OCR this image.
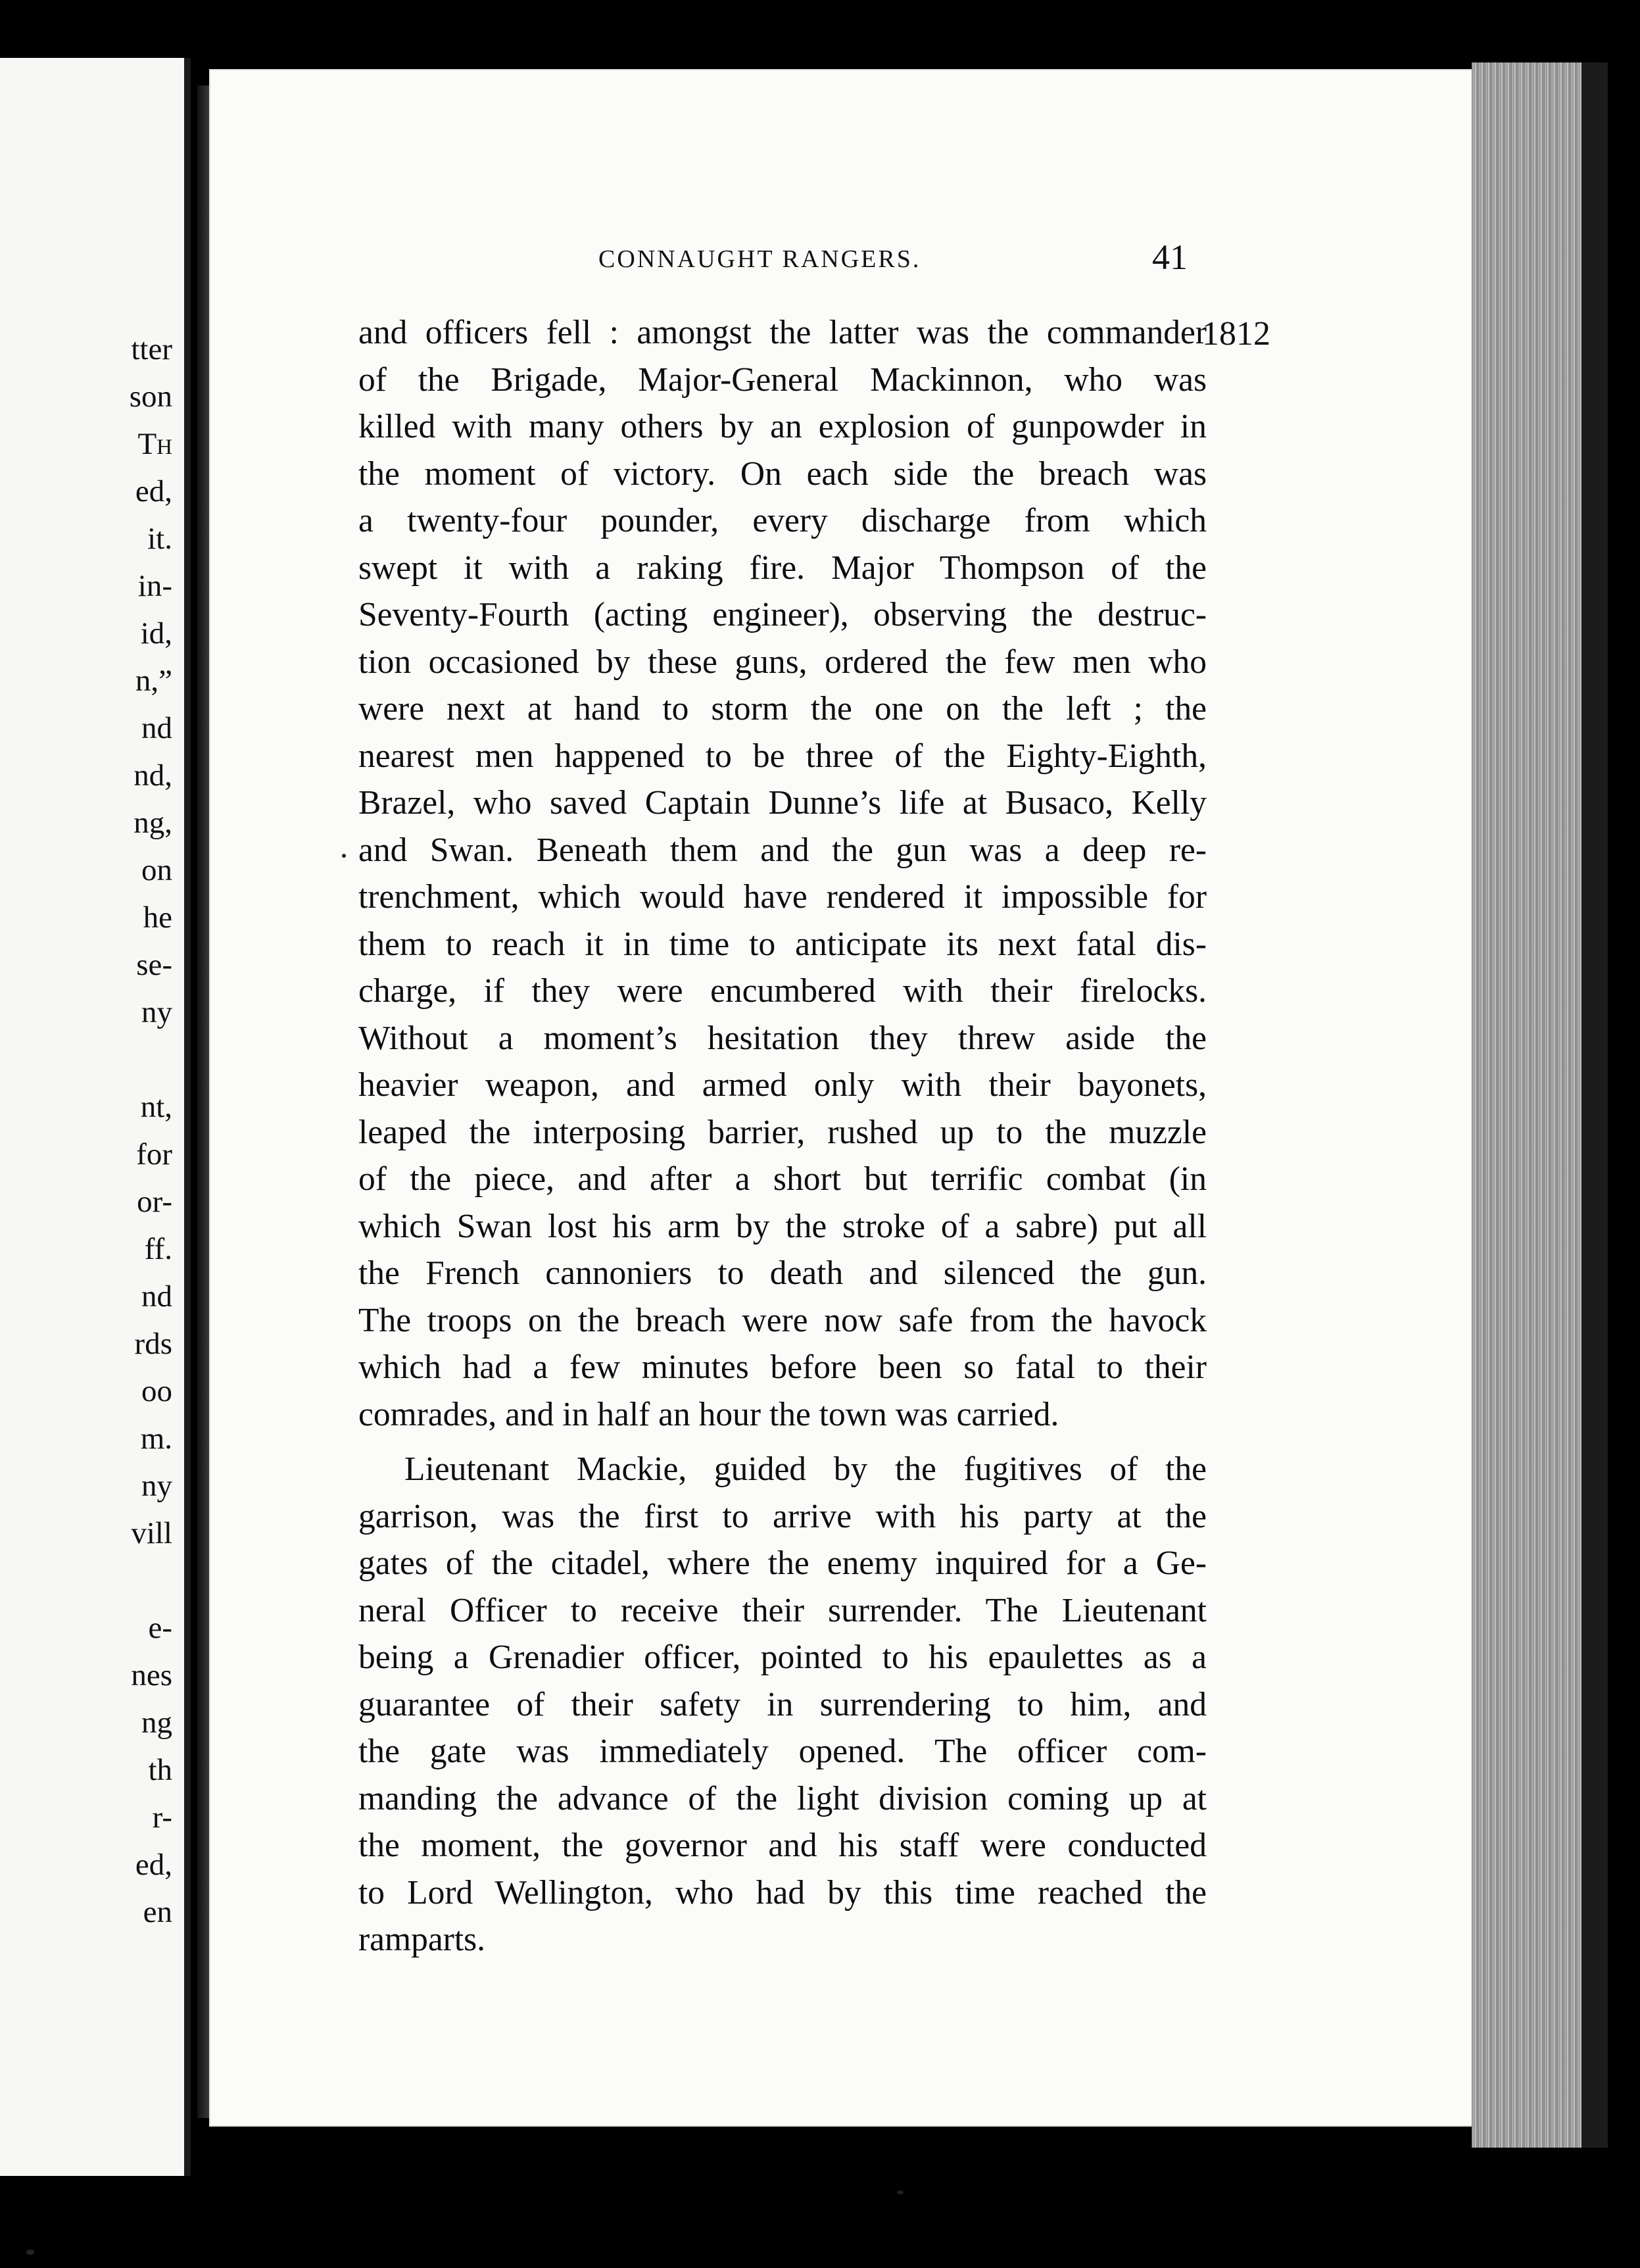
tter

son

Th

ed,

it.

in-

id,

n,”

nd

nd,

ng,

on

he

se-

ny

nt,

for

or-

ff.

nd

rds

oo

m.

ny

vill

e-

nes

ng

th

r-

ed,

en

CONNAUGHT RANGERS.	41

1812

and officers fell : amongst the latter was the commander
of the Brigade, Major-General Mackinnon, who was
killed with many others by an explosion of gunpowder in
the moment of victory. On each side the breach was
a twenty-four pounder, every discharge from which
swept it with a raking fire. Major Thompson of the
Seventy-Fourth (acting engineer), observing the destruc-
tion occasioned by these guns, ordered the few men who
were next at hand to storm the one on the left ; the
nearest men happened to be three of the Eighty-Eighth,
Brazel, who saved Captain Dunne’s life at Busaco, Kelly
and Swan. Beneath them and the gun was a deep re-
trenchment, which would have rendered it impossible for
them to reach it in time to anticipate its next fatal dis-
charge, if they were encumbered with their firelocks.
Without a moment’s hesitation they threw aside the
heavier weapon, and armed only with their bayonets,
leaped the interposing barrier, rushed up to the muzzle
of the piece, and after a short but terrific combat (in
which Swan lost his arm by the stroke of a sabre) put all
the French cannoniers to death and silenced the gun.
The troops on the breach were now safe from the havock
which had a few minutes before been so fatal to their
comrades, and in half an hour the town was carried.

Lieutenant Mackie, guided by the fugitives of the
garrison, was the first to arrive with his party at the
gates of the citadel, where the enemy inquired for a Ge-
neral Officer to receive their surrender. The Lieutenant
being a Grenadier officer, pointed to his epaulettes as a
guarantee of their safety in surrendering to him, and
the gate was immediately opened. The officer com-
manding the advance of the light division coming up at
the moment, the governor and his staff were conducted
to Lord Wellington, who had by this time reached the
ramparts.
